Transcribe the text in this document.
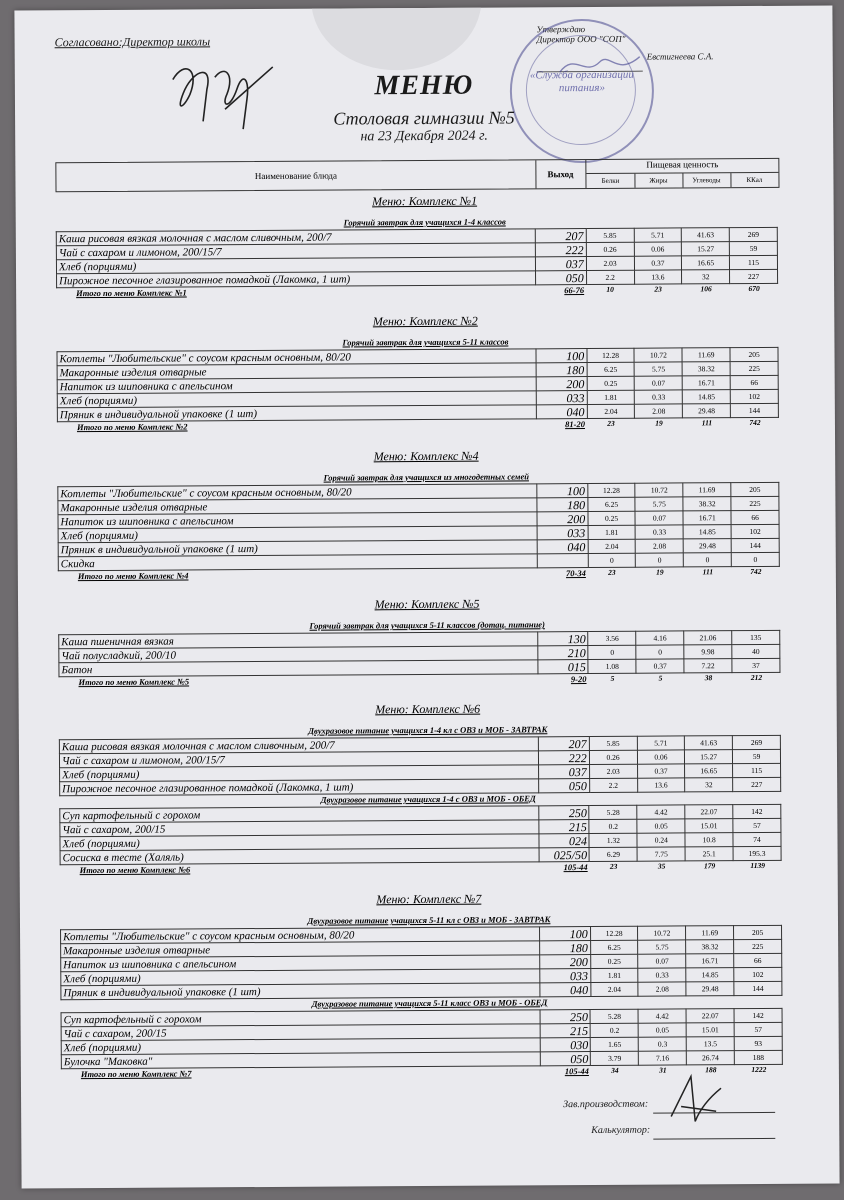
Согласовано:Директор школы
Утверждаю
Директор ООО "СОП"
Евстигнеева С.А.
«Служба организации питания»
МЕНЮ
Столовая гимназии №5
на 23 Декабря 2024 г.
Наименование блюда	Выход
Пищевая ценность
Белки	Жиры	Углеводы	ККал
Меню: Комплекс №1
Горячий завтрак для учащихся 1-4 классов
Каша рисовая вязкая молочная с маслом сливочным, 200/7	207	5.85	5.71	41.63	269
Чай с сахаром и лимоном, 200/15/7	222	0.26	0.06	15.27	59
Хлеб (порциями)	037	2.03	0.37	16.65	115
Пирожное песочное глазированное помадкой (Лакомка, 1 шт)	050	2.2	13.6	32	227
Итого по меню Комплекс №1	66-76	10	23	106	670
Меню: Комплекс №2
Горячий завтрак для учащихся 5-11 классов
Котлеты "Любительские" с соусом красным основным, 80/20	100	12.28	10.72	11.69	205
Макаронные изделия отварные	180	6.25	5.75	38.32	225
Напиток из шиповника с апельсином	200	0.25	0.07	16.71	66
Хлеб (порциями)	033	1.81	0.33	14.85	102
Пряник в индивидуальной упаковке (1 шт)	040	2.04	2.08	29.48	144
Итого по меню Комплекс №2	81-20	23	19	111	742
Меню: Комплекс №4
Горячий завтрак для учащихся из многодетных семей
Котлеты "Любительские" с соусом красным основным, 80/20	100	12.28	10.72	11.69	205
Макаронные изделия отварные	180	6.25	5.75	38.32	225
Напиток из шиповника с апельсином	200	0.25	0.07	16.71	66
Хлеб (порциями)	033	1.81	0.33	14.85	102
Пряник в индивидуальной упаковке (1 шт)	040	2.04	2.08	29.48	144
Скидка		0	0	0	0
Итого по меню Комплекс №4	70-34	23	19	111	742
Меню: Комплекс №5
Горячий завтрак для учащихся 5-11 классов (дотац. питание)
Каша пшеничная вязкая	130	3.56	4.16	21.06	135
Чай полусладкий, 200/10	210	0	0	9.98	40
Батон	015	1.08	0.37	7.22	37
Итого по меню Комплекс №5	9-20	5	5	38	212
Меню: Комплекс №6
Двухразовое питание учащихся 1-4 кл с ОВЗ и МОБ - ЗАВТРАК
Каша рисовая вязкая молочная с маслом сливочным, 200/7	207	5.85	5.71	41.63	269
Чай с сахаром и лимоном, 200/15/7	222	0.26	0.06	15.27	59
Хлеб (порциями)	037	2.03	0.37	16.65	115
Пирожное песочное глазированное помадкой (Лакомка, 1 шт)	050	2.2	13.6	32	227
Двухразовое питание учащихся 1-4 с ОВЗ и МОБ - ОБЕД
Суп картофельный с горохом	250	5.28	4.42	22.07	142
Чай с сахаром, 200/15	215	0.2	0.05	15.01	57
Хлеб (порциями)	024	1.32	0.24	10.8	74
Сосиска в тесте (Халяль)	025/50	6.29	7.75	25.1	195.3
Итого по меню Комплекс №6	105-44	23	35	179	1139
Меню: Комплекс №7
Двухразовое питание учащихся 5-11 кл с ОВЗ и МОБ - ЗАВТРАК
Котлеты "Любительские" с соусом красным основным, 80/20	100	12.28	10.72	11.69	205
Макаронные изделия отварные	180	6.25	5.75	38.32	225
Напиток из шиповника с апельсином	200	0.25	0.07	16.71	66
Хлеб (порциями)	033	1.81	0.33	14.85	102
Пряник в индивидуальной упаковке (1 шт)	040	2.04	2.08	29.48	144
Двухразовое питание учащихся 5-11 класс ОВЗ и МОБ - ОБЕД
Суп картофельный с горохом	250	5.28	4.42	22.07	142
Чай с сахаром, 200/15	215	0.2	0.05	15.01	57
Хлеб (порциями)	030	1.65	0.3	13.5	93
Булочка "Маковка"	050	3.79	7.16	26.74	188
Итого по меню Комплекс №7	105-44	34	31	188	1222
Зав.производством:
Калькулятор:
